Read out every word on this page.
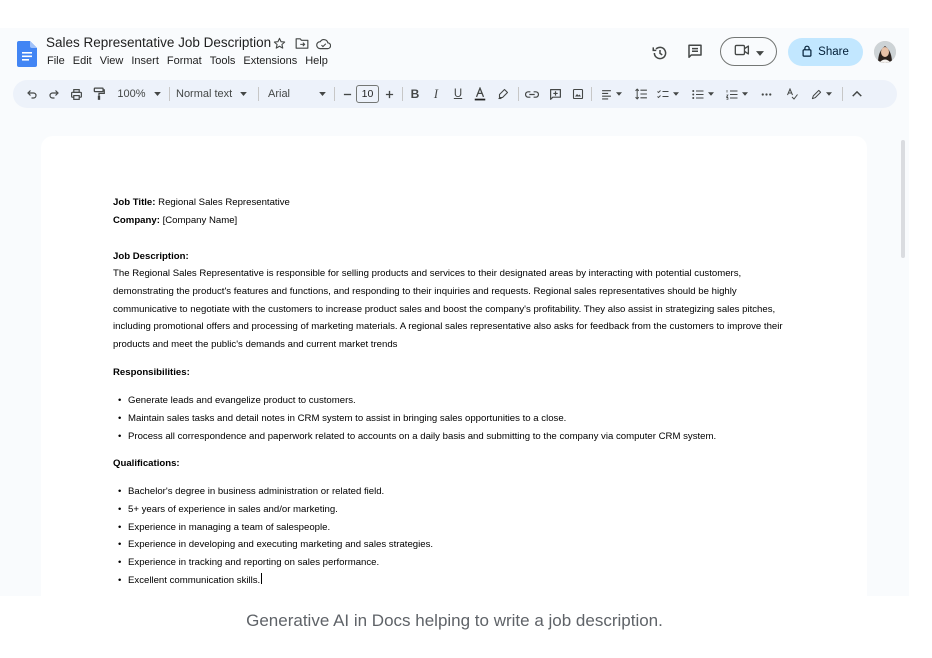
Sales Representative Job Description
File Edit View Insert Format Tools Extensions Help
Share
100%	Normal text	Arial	10	B	I	U
Job Title: Regional Sales Representative
Company: [Company Name]
Job Description:
The Regional Sales Representative is responsible for selling products and services to their designated areas by interacting with potential customers, demonstrating the product's features and functions, and responding to their inquiries and requests. Regional sales representatives should be highly communicative to negotiate with the customers to increase product sales and boost the company's profitability. They also assist in strategizing sales pitches, including promotional offers and processing of marketing materials. A regional sales representative also asks for feedback from the customers to improve their products and meet the public's demands and current market trends
Responsibilities:
• Generate leads and evangelize product to customers.
• Maintain sales tasks and detail notes in CRM system to assist in bringing sales opportunities to a close.
• Process all correspondence and paperwork related to accounts on a daily basis and submitting to the company via computer CRM system.
Qualifications:
• Bachelor's degree in business administration or related field.
• 5+ years of experience in sales and/or marketing.
• Experience in managing a team of salespeople.
• Experience in developing and executing marketing and sales strategies.
• Experience in tracking and reporting on sales performance.
• Excellent communication skills.
Generative AI in Docs helping to write a job description.
